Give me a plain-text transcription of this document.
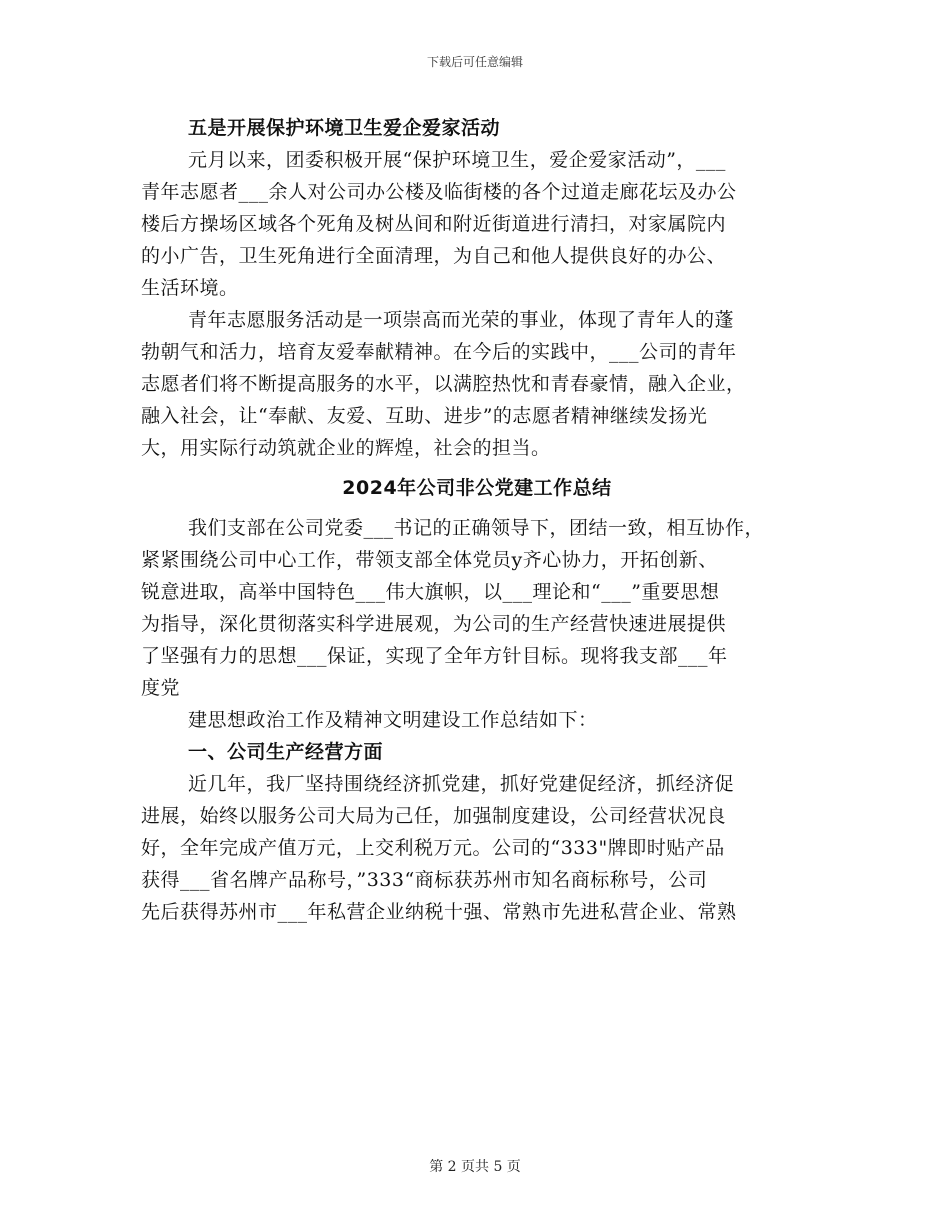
下载后可任意编辑
五是开展保护环境卫生爱企爱家活动
元月以来，团委积极开展“保护环境卫生，爱企爱家活动”，___
青年志愿者___余人对公司办公楼及临街楼的各个过道走廊花坛及办公
楼后方操场区域各个死角及树丛间和附近街道进行清扫，对家属院内
的小广告，卫生死角进行全面清理，为自己和他人提供良好的办公、
生活环境。
青年志愿服务活动是一项崇高而光荣的事业，体现了青年人的蓬
勃朝气和活力，培育友爱奉献精神。在今后的实践中，___公司的青年
志愿者们将不断提高服务的水平，以满腔热忱和青春豪情，融入企业，
融入社会，让“奉献、友爱、互助、进步”的志愿者精神继续发扬光
大，用实际行动筑就企业的辉煌，社会的担当。
2024年公司非公党建工作总结
我们支部在公司党委___书记的正确领导下，团结一致，相互协作，
紧紧围绕公司中心工作，带领支部全体党员y齐心协力，开拓创新、
锐意进取，高举中国特色___伟大旗帜，以___理论和“___”重要思想
为指导，深化贯彻落实科学进展观，为公司的生产经营快速进展提供
了坚强有力的思想___保证，实现了全年方针目标。现将我支部___年
度党
建思想政治工作及精神文明建设工作总结如下：
一、公司生产经营方面
近几年，我厂坚持围绕经济抓党建，抓好党建促经济，抓经济促
进展，始终以服务公司大局为己任，加强制度建设，公司经营状况良
好，全年完成产值万元，上交利税万元。公司的“333"牌即时贴产品
获得___省名牌产品称号，”333“商标获苏州市知名商标称号，公司
先后获得苏州市___年私营企业纳税十强、常熟市先进私营企业、常熟
第 2 页共 5 页
